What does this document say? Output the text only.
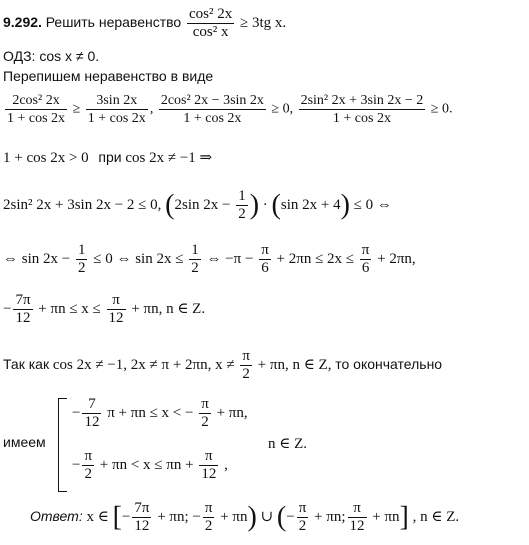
9.292. Решить неравенство $\frac{\text{cos² 2x}}{\text{cos² x}} \ge 3tg$ x.
ОДЗ: cos x ≠ 0.
Перепишем неравенство в виде
$\frac{\text{2cos² 2x}}{1 + \cos 2x} \ge \frac{3\sin 2x}{1 + \cos 2x}$ , $\frac{\text{2cos² 2x − 3sin 2x}}{1 + \cos 2x} \ge 0$, $\frac{\text{2sin² 2x + 3sin 2x − 2}}{1 + \cos 2x} \ge 0$.
1 + cos 2x > 0 при cos 2x ≠ −1 ⇒
2sin² 2x + 3sin 2x − 2 ≤ 0, (2sin $2x - \frac{1}{2}$ ) · (sin 2x + 4) ≤ 0 ⇔
⇔ $\sin 2x - \frac{1}{2} \le 0$ ⇔ $\sin 2x \le \frac{1}{2}$ ⇔ $-\pi - \frac{\pi}{6} + 2\pi n \le 2x \le \frac{\pi}{6} + 2\pi n$,
− $\frac{7\pi}{12} + \pi n \le x \le \frac{\pi}{12} + \pi n$, n ∈ Z.
Так как cos 2x ≠ −1, 2x ≠ π + 2πn, $x \ne \frac{\pi}{2} + \pi n$, n ∈ Z, то окончательно
имеем
− $\frac{7}{12}$ π + πn ≤ x < − $\frac{\pi}{2} + \pi n$,
− $\frac{\pi}{2} + \pi n < x \le \pi n + \frac{\pi}{12}$ ,
n ∈ Z.
Ответ: x ∈ [− $\frac{7\pi}{12} + \pi n$; − $\frac{\pi}{2} + \pi n$) ∪ (− $\frac{\pi}{2} + \pi n$; $\frac{\pi}{12} + \pi n$] , n ∈ Z.
